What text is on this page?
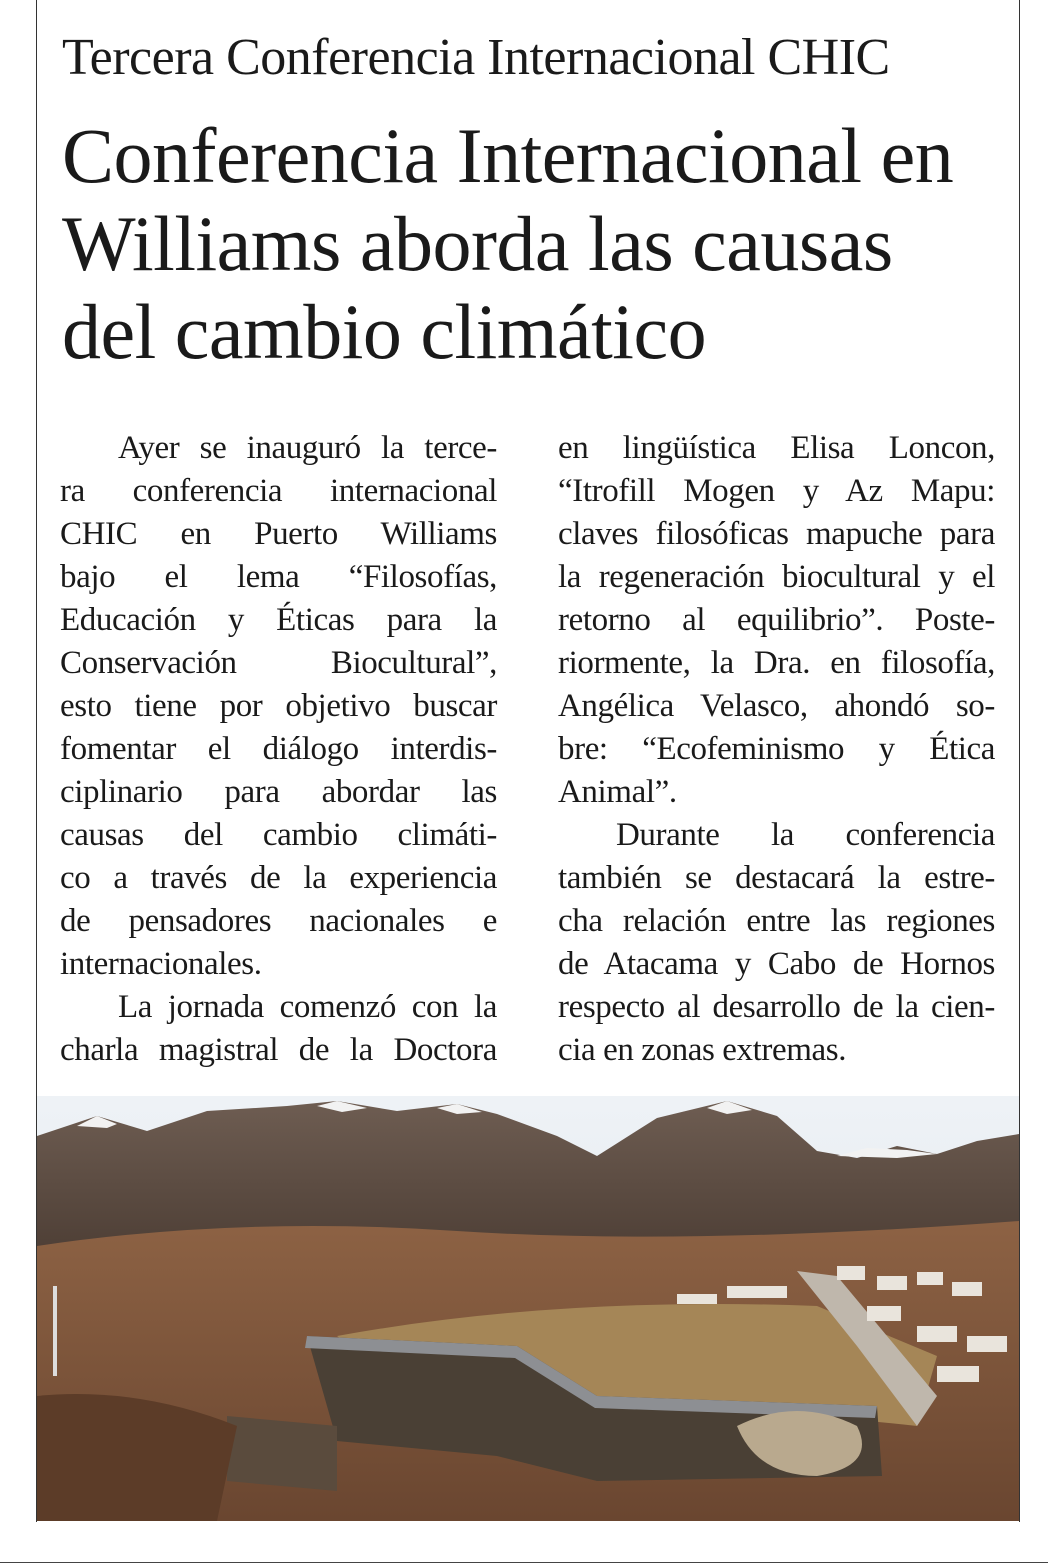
Tercera Conferencia Internacional CHIC
Conferencia Internacional en
Williams aborda las causas
del cambio climático
Ayer se inauguró la terce-
ra conferencia internacional
CHIC en Puerto Williams
bajo el lema “Filosofías,
Educación y Éticas para la
Conservación Biocultural”,
esto tiene por objetivo buscar
fomentar el diálogo interdis-
ciplinario para abordar las
causas del cambio climáti-
co a través de la experiencia
de pensadores nacionales e
internacionales.
La jornada comenzó con la
charla magistral de la Doctora
en lingüística Elisa Loncon,
“Itrofill Mogen y Az Mapu:
claves filosóficas mapuche para
la regeneración biocultural y el
retorno al equilibrio”. Poste-
riormente, la Dra. en filosofía,
Angélica Velasco, ahondó so-
bre: “Ecofeminismo y Ética
Animal”.
Durante la conferencia
también se destacará la estre-
cha relación entre las regiones
de Atacama y Cabo de Hornos
respecto al desarrollo de la cien-
cia en zonas extremas.
